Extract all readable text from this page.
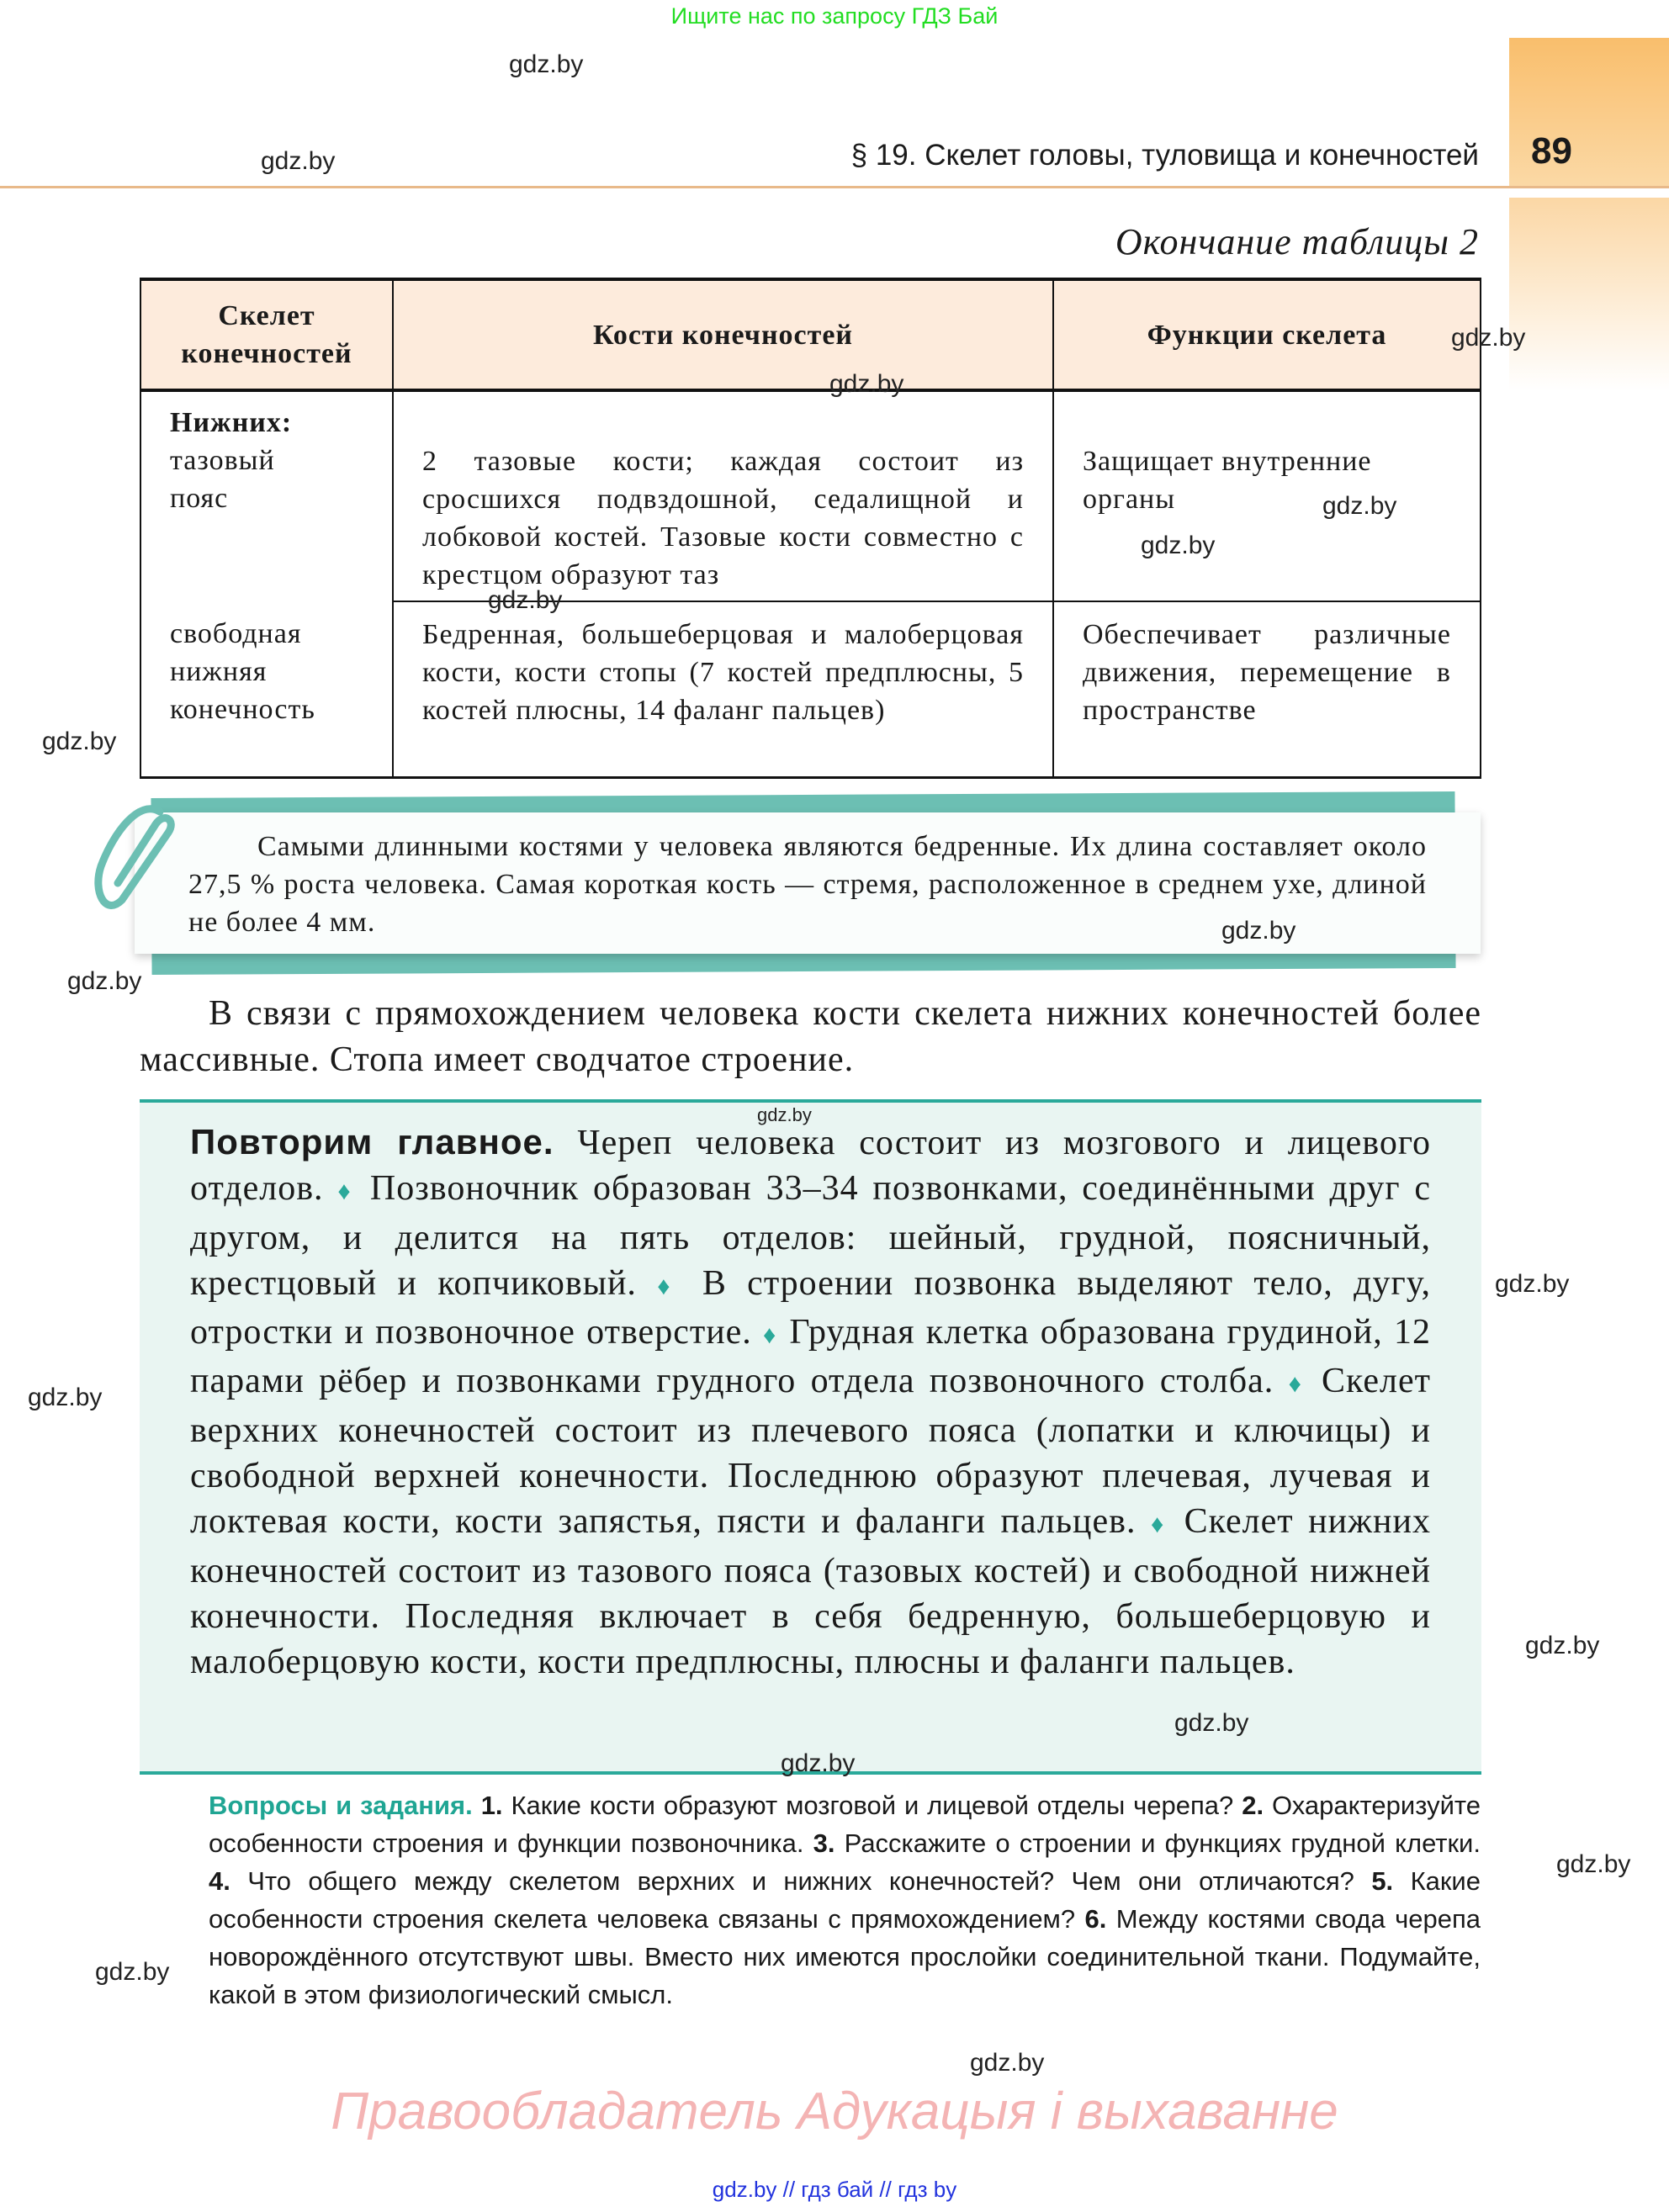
Ищите нас по запросу ГДЗ Бай
89
§ 19. Скелет головы, туловища и конечностей
Окончание таблицы 2
Скелет конечностей	Кости конечностей	Функции скелета
Нижних:
тазовый пояс	2 тазовые кости; каждая состоит из сросшихся подвздошной, седалищной и лобковой костей. Тазовые кости совместно с крестцом образуют таз	Защищает внутренние органы
свободная нижняя конечность	Бедренная, большеберцовая и малоберцовая кости, кости стопы (7 костей предплюсны, 5 костей плюсны, 14 фаланг пальцев)	Обеспечивает различные движения, перемещение в пространстве

Самыми длинными костями у человека являются бедренные. Их длина составляет около 27,5 % роста человека. Самая короткая кость — стремя, расположенное в среднем ухе, длиной не более 4 мм.

В связи с прямохождением человека кости скелета нижних конечностей более массивные. Стопа имеет сводчатое строение.

Повторим главное. Череп человека состоит из мозгового и лицевого отделов. ♦ Позвоночник образован 33–34 позвонками, соединёнными друг с другом, и делится на пять отделов: шейный, грудной, поясничный, крестцовый и копчиковый. ♦ В строении позвонка выделяют тело, дугу, отростки и позвоночное отверстие. ♦ Грудная клетка образована грудиной, 12 парами рёбер и позвонками грудного отдела позвоночного столба. ♦ Скелет верхних конечностей состоит из плечевого пояса (лопатки и ключицы) и свободной верхней конечности. Последнюю образуют плечевая, лучевая и локтевая кости, кости запястья, пясти и фаланги пальцев. ♦ Скелет нижних конечностей состоит из тазового пояса (тазовых костей) и свободной нижней конечности. Последняя включает в себя бедренную, большеберцовую и малоберцовую кости, кости предплюсны, плюсны и фаланги пальцев.

Вопросы и задания. 1. Какие кости образуют мозговой и лицевой отделы черепа? 2. Охарактеризуйте особенности строения и функции позвоночника. 3. Расскажите о строении и функциях грудной клетки. 4. Что общего между скелетом верхних и нижних конечностей? Чем они отличаются? 5. Какие особенности строения скелета человека связаны с прямохождением? 6. Между костями свода черепа новорождённого отсутствуют швы. Вместо них имеются прослойки соединительной ткани. Подумайте, какой в этом физиологический смысл.

Правообладатель Адукацыя і выхаванне
gdz.by // гдз бай // гдз by
gdz.by
gdz.by
gdz.by
gdz.by
gdz.by
gdz.by
gdz.by
gdz.by
gdz.by
gdz.by
gdz.by
gdz.by
gdz.by
gdz.by
gdz.by
gdz.by
gdz.by
gdz.by
gdz.by
